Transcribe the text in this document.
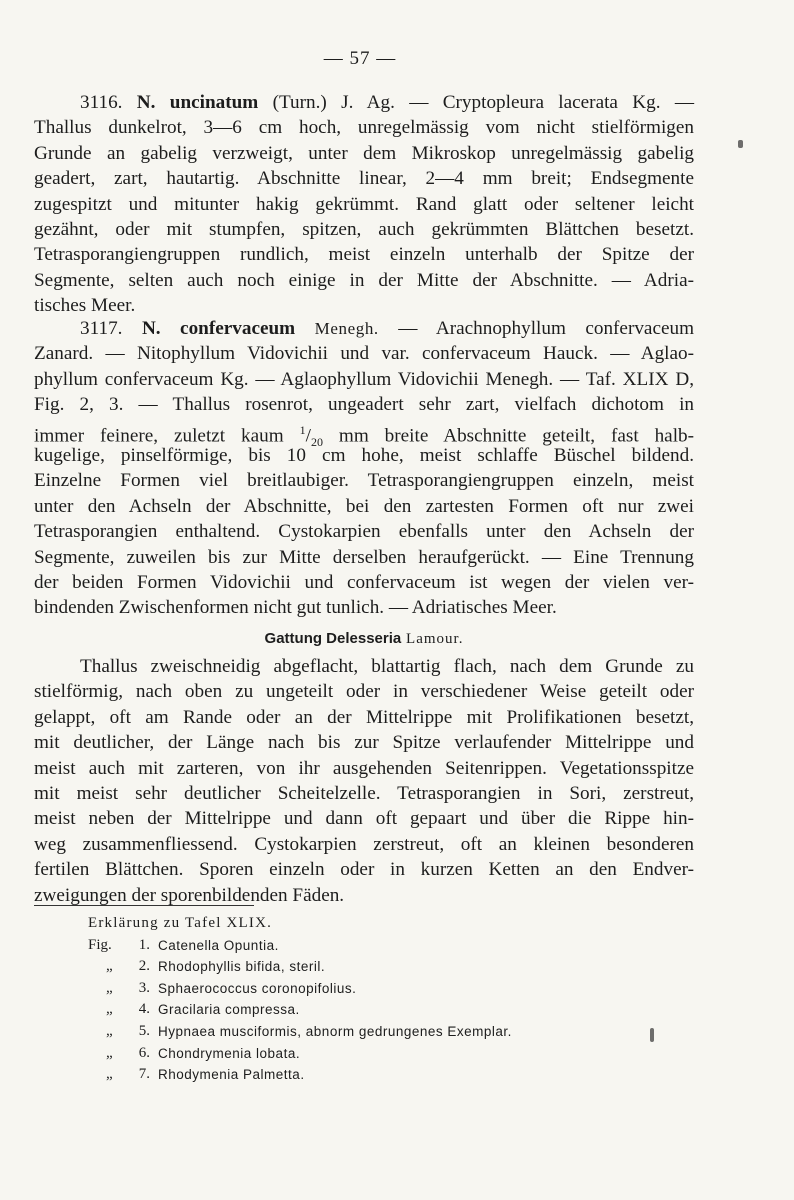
— 57 —
3116. N. uncinatum (Turn.) J. Ag. — Cryptopleura lacerata Kg. —
Thallus dunkelrot, 3—6 cm hoch, unregelmässig vom nicht stielförmigen
Grunde an gabelig verzweigt, unter dem Mikroskop unregelmässig gabelig
geadert, zart, hautartig. Abschnitte linear, 2—4 mm breit; Endsegmente
zugespitzt und mitunter hakig gekrümmt. Rand glatt oder seltener leicht
gezähnt, oder mit stumpfen, spitzen, auch gekrümmten Blättchen besetzt.
Tetrasporangiengruppen rundlich, meist einzeln unterhalb der Spitze der
Segmente, selten auch noch einige in der Mitte der Abschnitte. — Adria-
tisches Meer.
3117. N. confervaceum Menegh. — Arachnophyllum confervaceum
Zanard. — Nitophyllum Vidovichii und var. confervaceum Hauck. — Aglao-
phyllum confervaceum Kg. — Aglaophyllum Vidovichii Menegh. — Taf. XLIX D,
Fig. 2, 3. — Thallus rosenrot, ungeadert sehr zart, vielfach dichotom in
immer feinere, zuletzt kaum $^1/_{20}$ mm breite Abschnitte geteilt, fast halb-
kugelige, pinselförmige, bis 10 cm hohe, meist schlaffe Büschel bildend.
Einzelne Formen viel breitlaubiger. Tetrasporangiengruppen einzeln, meist
unter den Achseln der Abschnitte, bei den zartesten Formen oft nur zwei
Tetrasporangien enthaltend. Cystokarpien ebenfalls unter den Achseln der
Segmente, zuweilen bis zur Mitte derselben heraufgerückt. — Eine Trennung
der beiden Formen Vidovichii und confervaceum ist wegen der vielen ver-
bindenden Zwischenformen nicht gut tunlich. — Adriatisches Meer.
Gattung Delesseria Lamour.
Thallus zweischneidig abgeflacht, blattartig flach, nach dem Grunde zu
stielförmig, nach oben zu ungeteilt oder in verschiedener Weise geteilt oder
gelappt, oft am Rande oder an der Mittelrippe mit Prolifikationen besetzt,
mit deutlicher, der Länge nach bis zur Spitze verlaufender Mittelrippe und
meist auch mit zarteren, von ihr ausgehenden Seitenrippen. Vegetationsspitze
mit meist sehr deutlicher Scheitelzelle. Tetrasporangien in Sori, zerstreut,
meist neben der Mittelrippe und dann oft gepaart und über die Rippe hin-
weg zusammenfliessend. Cystokarpien zerstreut, oft an kleinen besonderen
fertilen Blättchen. Sporen einzeln oder in kurzen Ketten an den Endver-
zweigungen der sporenbildenden Fäden.
Erklärung zu Tafel XLIX.
Fig.	1. Catenella Opuntia.
„	2. Rhodophyllis bifida, steril.
„	3. Sphaerococcus coronopifolius.
„	4. Gracilaria compressa.
„	5. Hypnaea musciformis, abnorm gedrungenes Exemplar.
„	6. Chondrymenia lobata.
„	7. Rhodymenia Palmetta.
